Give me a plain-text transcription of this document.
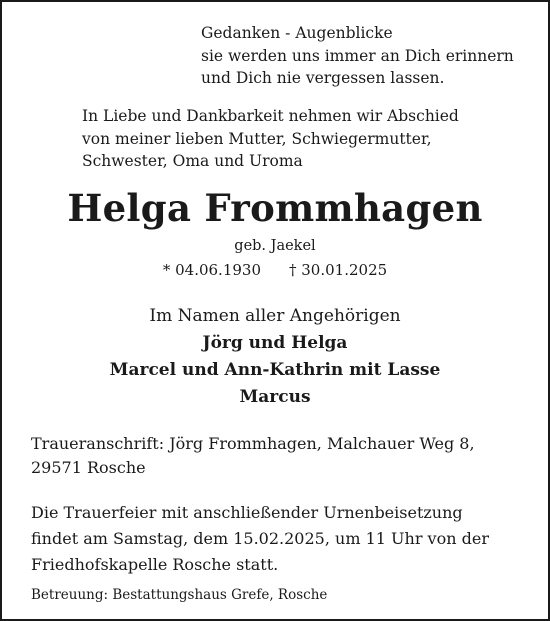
Gedanken - Augenblicke
sie werden uns immer an Dich erinnern
und Dich nie vergessen lassen.
In Liebe und Dankbarkeit nehmen wir Abschied
von meiner lieben Mutter, Schwiegermutter,
Schwester, Oma und Uroma
Helga Frommhagen
geb. Jaekel
* 04.06.1930 † 30.01.2025
Im Namen aller Angehörigen
Jörg und Helga
Marcel und Ann-Kathrin mit Lasse
Marcus
Traueranschrift: Jörg Frommhagen, Malchauer Weg 8,
29571 Rosche
Die Trauerfeier mit anschließender Urnenbeisetzung
findet am Samstag, dem 15.02.2025, um 11 Uhr von der
Friedhofskapelle Rosche statt.
Betreuung: Bestattungshaus Grefe, Rosche
